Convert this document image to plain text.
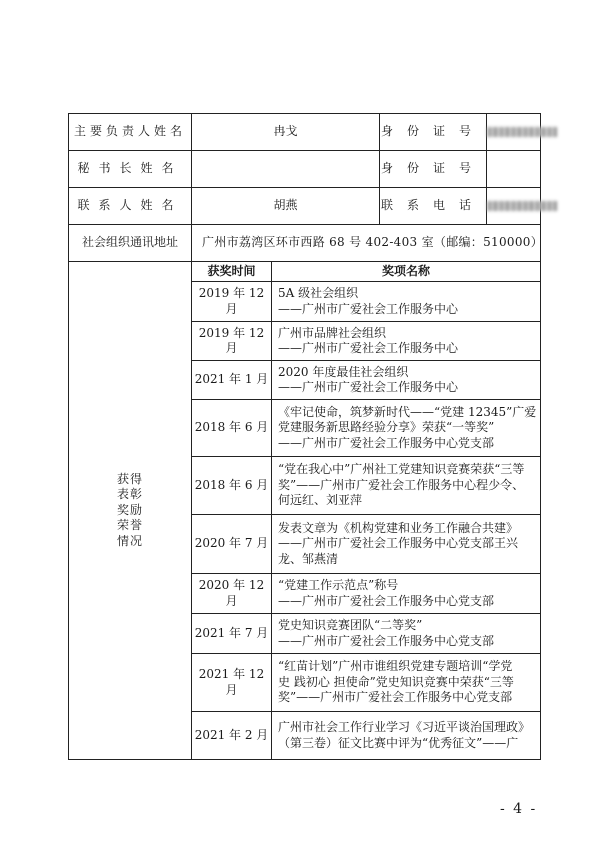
主要负责人姓名	冉戈		身份证号	
秘书长姓名			身份证号	
联系人姓名	胡燕		联系电话	
社会组织通讯地址	广州市荔湾区环市西路 68 号 402-403 室（邮编：510000）			

获得
表彰
奖励
荣誉
情况	获奖时间	奖项名称		
	2019 年 12 月	5A 级社会组织
——广州市广爱社会工作服务中心		

	2019 年 12 月	广州市品牌社会组织
——广州市广爱社会工作服务中心		

	2021 年 1 月	2020 年度最佳社会组织
——广州市广爱社会工作服务中心		

	2018 年 6 月	《牢记使命，筑梦新时代——“党建 12345”广爱
党建服务新思路经验分享》荣获“一等奖”
——广州市广爱社会工作服务中心党支部		

	2018 年 6 月	“党在我心中”广州社工党建知识竞赛荣获“三等
奖”——广州市广爱社会工作服务中心程少令、
何远红、刘亚萍		

	2020 年 7 月	发表文章为《机构党建和业务工作融合共建》
——广州市广爱社会工作服务中心党支部王兴
龙、邹燕清		

	2020 年 12 月	“党建工作示范点”称号
——广州市广爱社会工作服务中心党支部		

	2021 年 7 月	党史知识竞赛团队“二等奖”
——广州市广爱社会工作服务中心党支部		

	2021 年 12 月	“红苗计划”广州市谁组织党建专题培训“学党
史 践初心 担使命”党史知识竞赛中荣获“三等
奖”——广州市广爱社会工作服务中心党支部		

	2021 年 2 月	广州市社会工作行业学习《习近平谈治国理政》
（第三卷）征文比赛中评为“优秀征文”——广		
- 4 -
